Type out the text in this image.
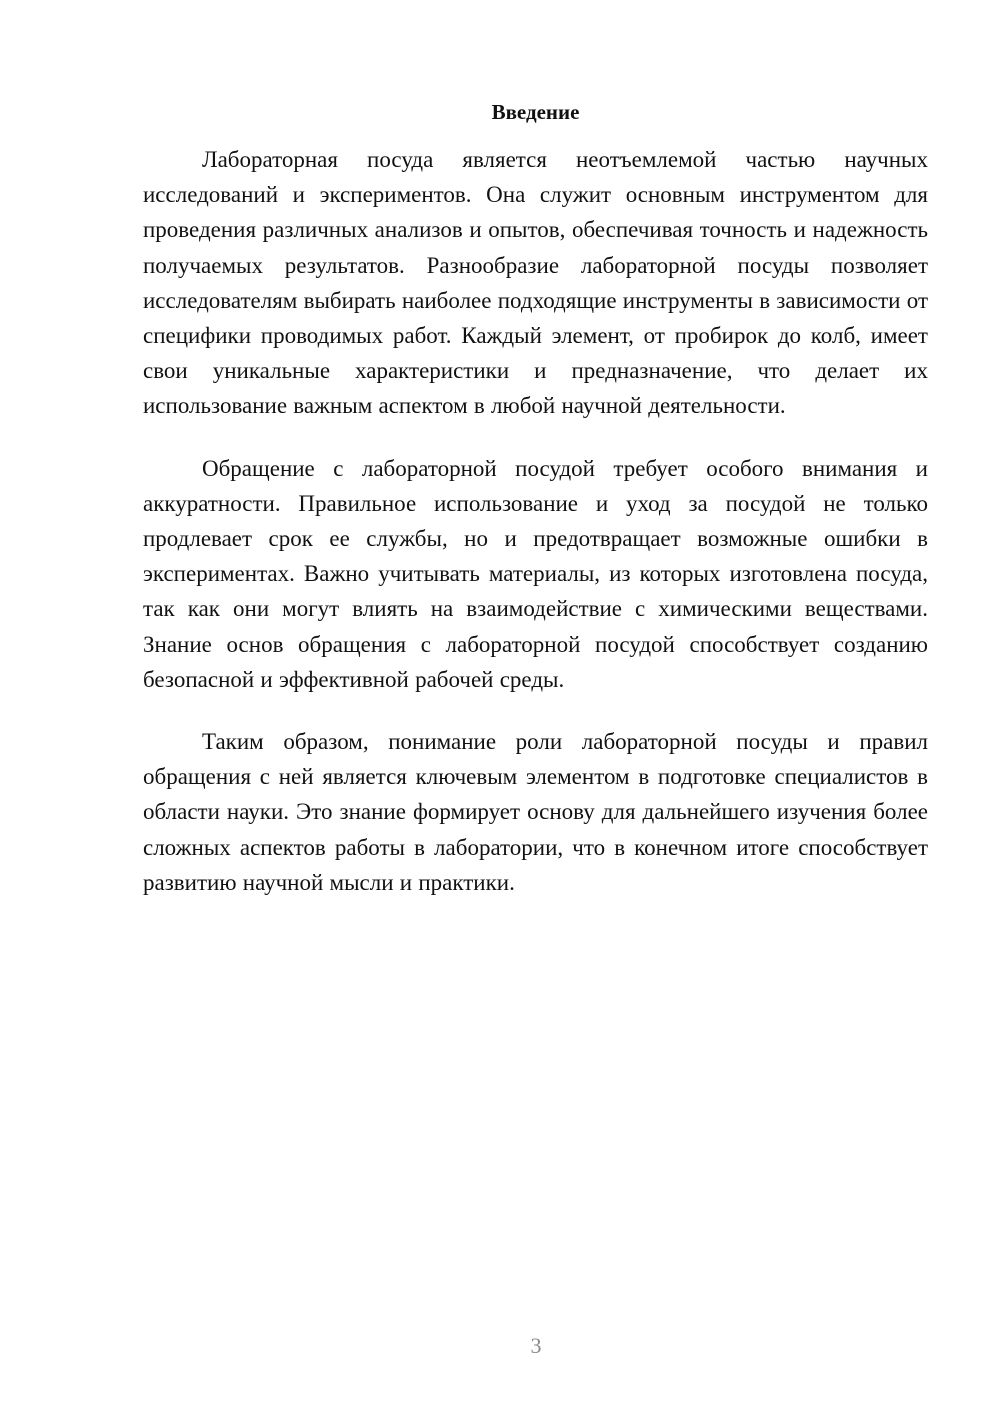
Введение

Лабораторная посуда является неотъемлемой частью научных исследований и экспериментов. Она служит основным инструментом для проведения различных анализов и опытов, обеспечивая точность и надежность получаемых результатов. Разнообразие лабораторной посуды позволяет исследователям выбирать наиболее подходящие инструменты в зависимости от специфики проводимых работ. Каждый элемент, от пробирок до колб, имеет свои уникальные характеристики и предназначение, что делает их использование важным аспектом в любой научной деятельности.

Обращение с лабораторной посудой требует особого внимания и аккуратности. Правильное использование и уход за посудой не только продлевает срок ее службы, но и предотвращает возможные ошибки в экспериментах. Важно учитывать материалы, из которых изготовлена посуда, так как они могут влиять на взаимодействие с химическими веществами. Знание основ обращения с лабораторной посудой способствует созданию безопасной и эффективной рабочей среды.

Таким образом, понимание роли лабораторной посуды и правил обращения с ней является ключевым элементом в подготовке специалистов в области науки. Это знание формирует основу для дальнейшего изучения более сложных аспектов работы в лаборатории, что в конечном итоге способствует развитию научной мысли и практики.

3
